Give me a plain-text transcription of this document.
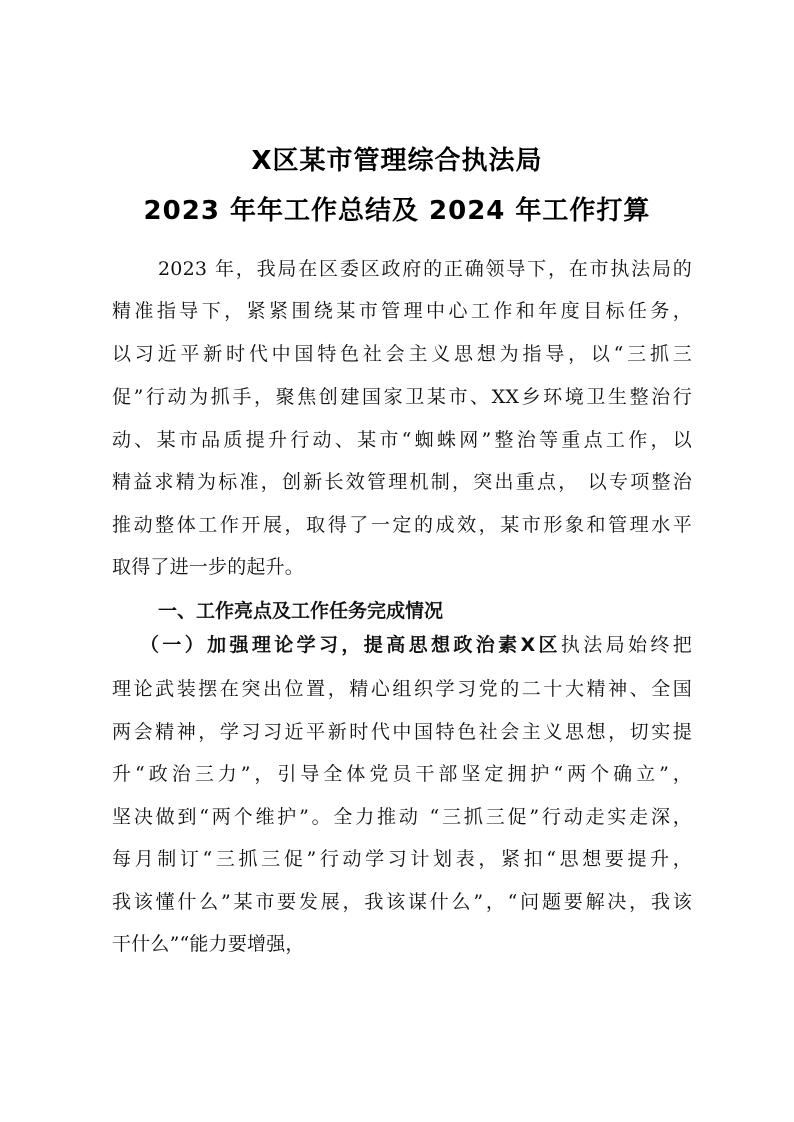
X区某市管理综合执法局
2023 年年工作总结及 2024 年工作打算
2023 年，我局在区委区政府的正确领导下，在市执法局的
精准指导下，紧紧围绕某市管理中心工作和年度目标任务，
以习近平新时代中国特色社会主义思想为指导，以“三抓三
促”行动为抓手，聚焦创建国家卫某市、XX乡环境卫生整治行
动、某市品质提升行动、某市“蜘蛛网”整治等重点工作，以
精益求精为标准，创新长效管理机制，突出重点， 以专项整治
推动整体工作开展，取得了一定的成效，某市形象和管理水平
取得了进一步的起升。
一、工作亮点及工作任务完成情况
（一）加强理论学习，提高思想政治素X区执法局始终把
理论武装摆在突出位置，精心组织学习党的二十大精神、全国
两会精神，学习习近平新时代中国特色社会主义思想，切实提
升“政治三力”，引导全体党员干部坚定拥护“两个确立”，
坚决做到“两个维护”。全力推动 “三抓三促”行动走实走深，
每月制订“三抓三促”行动学习计划表，紧扣“思想要提升，
我该懂什么”某市要发展，我该谋什么”，“问题要解决，我该
干什么”“能力要增强，
